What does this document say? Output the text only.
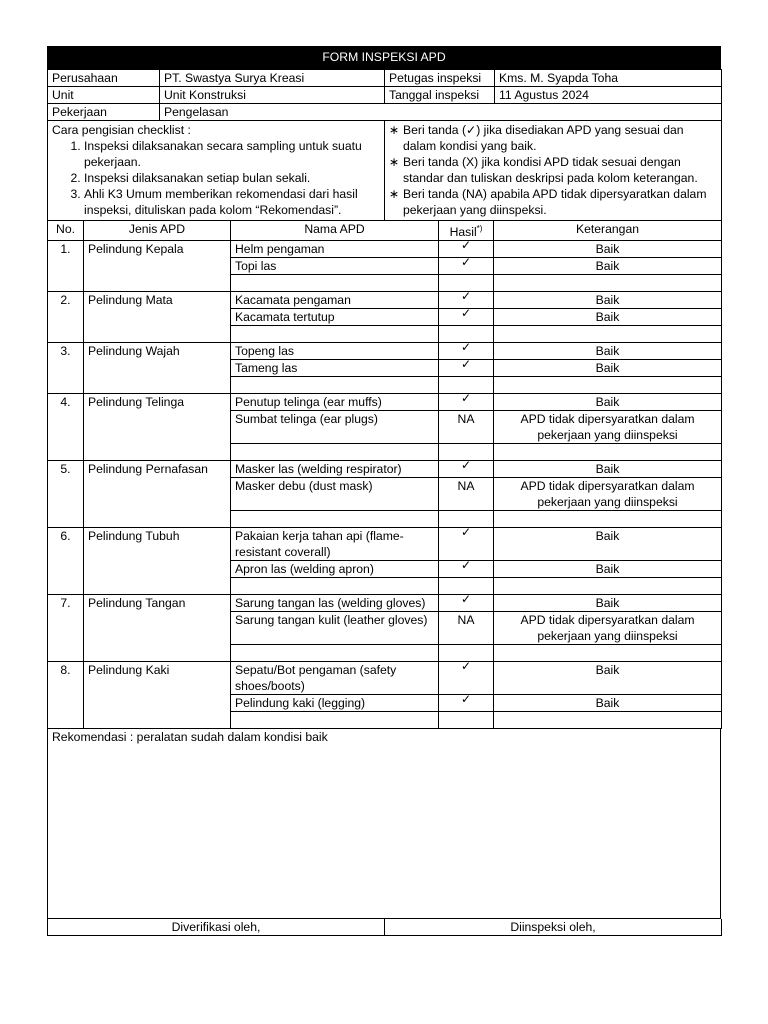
FORM INSPEKSI APD
Perusahaan	PT. Swastya Surya Kreasi	Petugas inspeksi	Kms. M. Syapda Toha
Unit	Unit Konstruksi	Tanggal inspeksi	11 Agustus 2024
Pekerjaan	Pengelasan		
Cara pengisian checklist :
1. Inspeksi dilaksanakan secara sampling untuk suatu pekerjaan.
2. Inspeksi dilaksanakan setiap bulan sekali.
3. Ahli K3 Umum memberikan rekomendasi dari hasil inspeksi, dituliskan pada kolom “Rekomendasi”.

∗ Beri tanda (✓) jika disediakan APD yang sesuai dan dalam kondisi yang baik.
∗ Beri tanda (X) jika kondisi APD tidak sesuai dengan standar dan tuliskan deskripsi pada kolom keterangan.
∗ Beri tanda (NA) apabila APD tidak dipersyaratkan dalam pekerjaan yang diinspeksi.
No.	Jenis APD	Nama APD	Hasil*)	Keterangan
1.	Pelindung Kepala	Helm pengaman	✓	Baik
		Topi las	✓	Baik

2.	Pelindung Mata	Kacamata pengaman	✓	Baik
		Kacamata tertutup	✓	Baik

3.	Pelindung Wajah	Topeng las	✓	Baik
		Tameng las	✓	Baik

4.	Pelindung Telinga	Penutup telinga (ear muffs)	✓	Baik
		Sumbat telinga (ear plugs)	NA	APD tidak dipersyaratkan dalam pekerjaan yang diinspeksi

5.	Pelindung Pernafasan	Masker las (welding respirator)	✓	Baik
		Masker debu (dust mask)	NA	APD tidak dipersyaratkan dalam pekerjaan yang diinspeksi

6.	Pelindung Tubuh	Pakaian kerja tahan api (flame-resistant coverall)	✓	Baik
		Apron las (welding apron)	✓	Baik

7.	Pelindung Tangan	Sarung tangan las (welding gloves)	✓	Baik
		Sarung tangan kulit (leather gloves)	NA	APD tidak dipersyaratkan dalam pekerjaan yang diinspeksi

8.	Pelindung Kaki	Sepatu/Bot pengaman (safety shoes/boots)	✓	Baik
		Pelindung kaki (legging)	✓	Baik

Rekomendasi : peralatan sudah dalam kondisi baik
Diverifikasi oleh,	Diinspeksi oleh,
